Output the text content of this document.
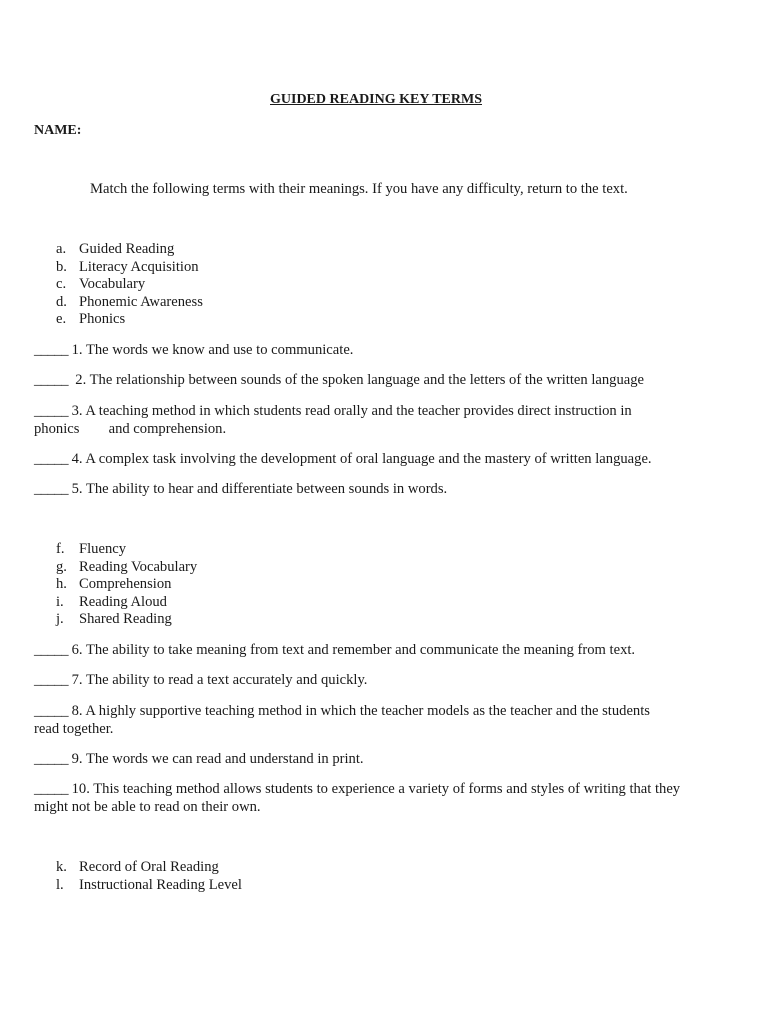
GUIDED READING KEY TERMS
NAME:
Match the following terms with their meanings. If you have any difficulty, return to the text.
a. Guided Reading
b. Literacy Acquisition
c. Vocabulary
d. Phonemic Awareness
e. Phonics
_____ 1. The words we know and use to communicate.
_____  2. The relationship between sounds of the spoken language and the letters of the written language
_____ 3. A teaching method in which students read orally and the teacher provides direct instruction in
phonics        and comprehension.
_____ 4. A complex task involving the development of oral language and the mastery of written language.
_____ 5. The ability to hear and differentiate between sounds in words.
f. Fluency
g. Reading Vocabulary
h. Comprehension
i.	Reading Aloud
j.	Shared Reading
_____ 6. The ability to take meaning from text and remember and communicate the meaning from text.
_____ 7. The ability to read a text accurately and quickly.
_____ 8. A highly supportive teaching method in which the teacher models as the teacher and the students
read together.
_____ 9. The words we can read and understand in print.
_____ 10. This teaching method allows students to experience a variety of forms and styles of writing that they
might not be able to read on their own.
k. Record of Oral Reading
l.	Instructional Reading Level
